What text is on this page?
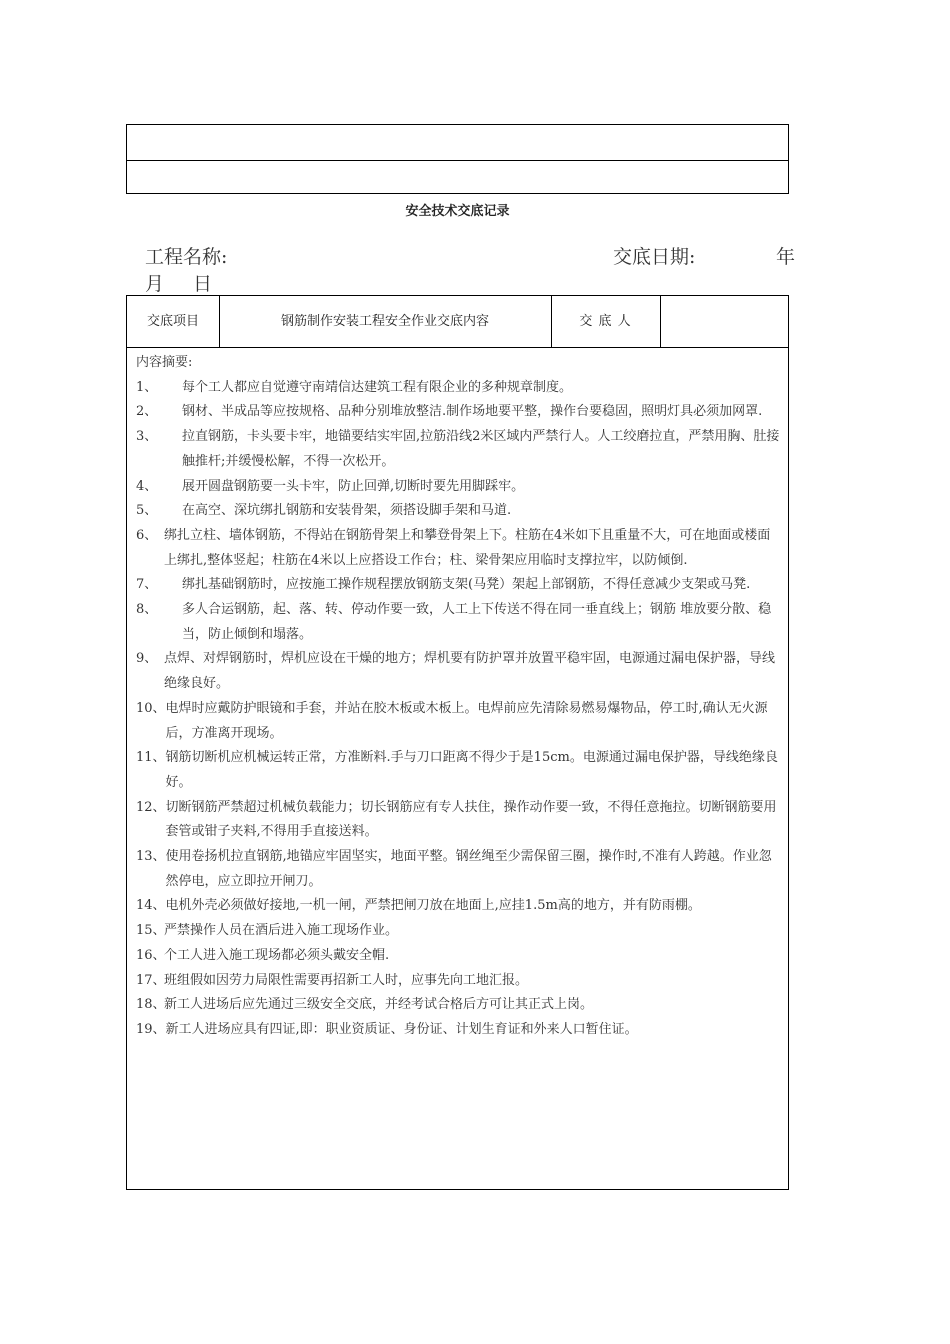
安全技术交底记录
工程名称:	交底日期:	年
月 日
交底项目	钢筋制作安装工程安全作业交底内容	交 底 人
内容摘要:
1、	每个工人都应自觉遵守南靖信达建筑工程有限企业的多种规章制度。
2、	钢材、半成品等应按规格、品种分别堆放整洁.制作场地要平整，操作台要稳固，照明灯具必须加网罩.
3、	拉直钢筋，卡头要卡牢，地锚要结实牢固,拉筋沿线2米区域内严禁行人。人工绞磨拉直，严禁用胸、肚接触推杆;并缓慢松解，不得一次松开。
4、	展开圆盘钢筋要一头卡牢，防止回弹,切断时要先用脚踩牢。
5、	在高空、深坑绑扎钢筋和安装骨架，须搭设脚手架和马道.
6、 绑扎立柱、墙体钢筋，不得站在钢筋骨架上和攀登骨架上下。柱筋在4米如下且重量不大，可在地面或楼面上绑扎,整体竖起；柱筋在4米以上应搭设工作台；柱、梁骨架应用临时支撑拉牢，以防倾倒.
7、	绑扎基础钢筋时，应按施工操作规程摆放钢筋支架(马凳）架起上部钢筋，不得任意减少支架或马凳.
8、	多人合运钢筋，起、落、转、停动作要一致，人工上下传送不得在同一垂直线上；钢筋 堆放要分散、稳当，防止倾倒和塌落。
9、 点焊、对焊钢筋时，焊机应设在干燥的地方；焊机要有防护罩并放置平稳牢固，电源通过漏电保护器，导线绝缘良好。
10、 电焊时应戴防护眼镜和手套，并站在胶木板或木板上。电焊前应先清除易燃易爆物品，停工时,确认无火源后，方准离开现场。
11、 钢筋切断机应机械运转正常，方准断料.手与刀口距离不得少于是15cm。电源通过漏电保护器，导线绝缘良好。
12、 切断钢筋严禁超过机械负载能力；切长钢筋应有专人扶住，操作动作要一致，不得任意拖拉。切断钢筋要用套管或钳子夹料,不得用手直接送料。
13、 使用卷扬机拉直钢筋,地锚应牢固坚实，地面平整。钢丝绳至少需保留三圈，操作时,不准有人跨越。作业忽然停电，应立即拉开闸刀。
14、 电机外壳必须做好接地,一机一闸，严禁把闸刀放在地面上,应挂1.5m高的地方，并有防雨棚。
15、
严禁操作人员在酒后进入施工现场作业。
16、
个工人进入施工现场都必须头戴安全帽.
17、
班组假如因劳力局限性需要再招新工人时，应事先向工地汇报。
18、
新工人进场后应先通过三级安全交底，并经考试合格后方可让其正式上岗。
19、 新工人进场应具有四证,即：职业资质证、身份证、计划生育证和外来人口暂住证。
